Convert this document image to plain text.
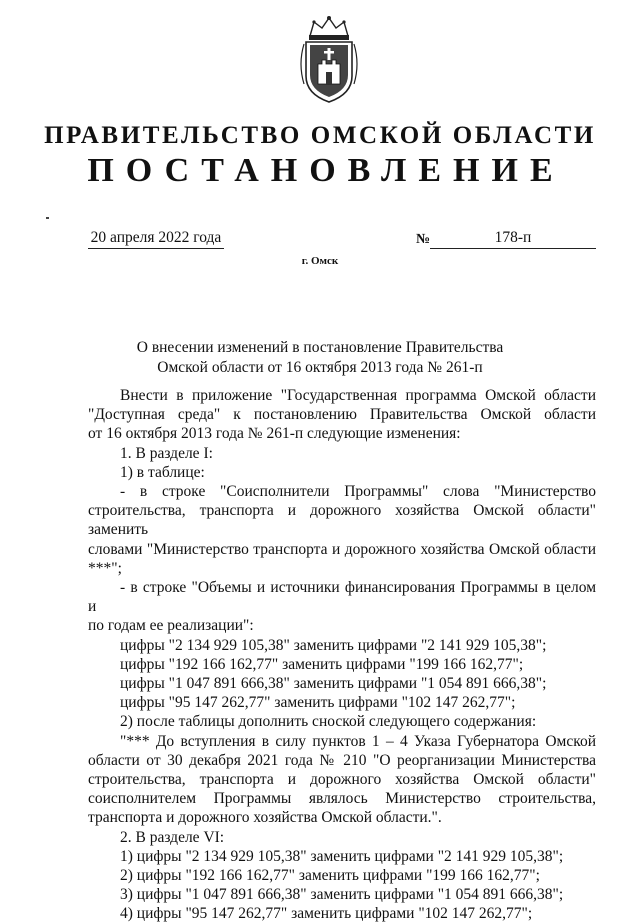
ПРАВИТЕЛЬСТВО ОМСКОЙ ОБЛАСТИ
ПОСТАНОВЛЕНИЕ
20 апреля 2022 года	№	178-п
г. Омск
О внесении изменений в постановление Правительства
Омской области от 16 октября 2013 года № 261-п

Внести в приложение "Государственная программа Омской области

"Доступная среда" к постановлению Правительства Омской области

от 16 октября 2013 года № 261-п следующие изменения:

1. В разделе I:

1) в таблице:

- в строке "Соисполнители Программы" слова "Министерство

строительства, транспорта и дорожного хозяйства Омской области" заменить

словами "Министерство транспорта и дорожного хозяйства Омской области

***";

- в строке "Объемы и источники финансирования Программы в целом и

по годам ее реализации":

цифры "2 134 929 105,38" заменить цифрами "2 141 929 105,38";

цифры "192 166 162,77" заменить цифрами "199 166 162,77";

цифры "1 047 891 666,38" заменить цифрами "1 054 891 666,38";

цифры "95 147 262,77" заменить цифрами "102 147 262,77";

2) после таблицы дополнить сноской следующего содержания:

"*** До вступления в силу пунктов 1 – 4 Указа Губернатора Омской

области от 30 декабря 2021 года № 210 "О реорганизации Министерства

строительства, транспорта и дорожного хозяйства Омской области"

соисполнителем Программы являлось Министерство строительства,

транспорта и дорожного хозяйства Омской области.".

2. В разделе VI:

1) цифры "2 134 929 105,38" заменить цифрами "2 141 929 105,38";

2) цифры "192 166 162,77" заменить цифрами "199 166 162,77";

3) цифры "1 047 891 666,38" заменить цифрами "1 054 891 666,38";

4) цифры "95 147 262,77" заменить цифрами "102 147 262,77";
